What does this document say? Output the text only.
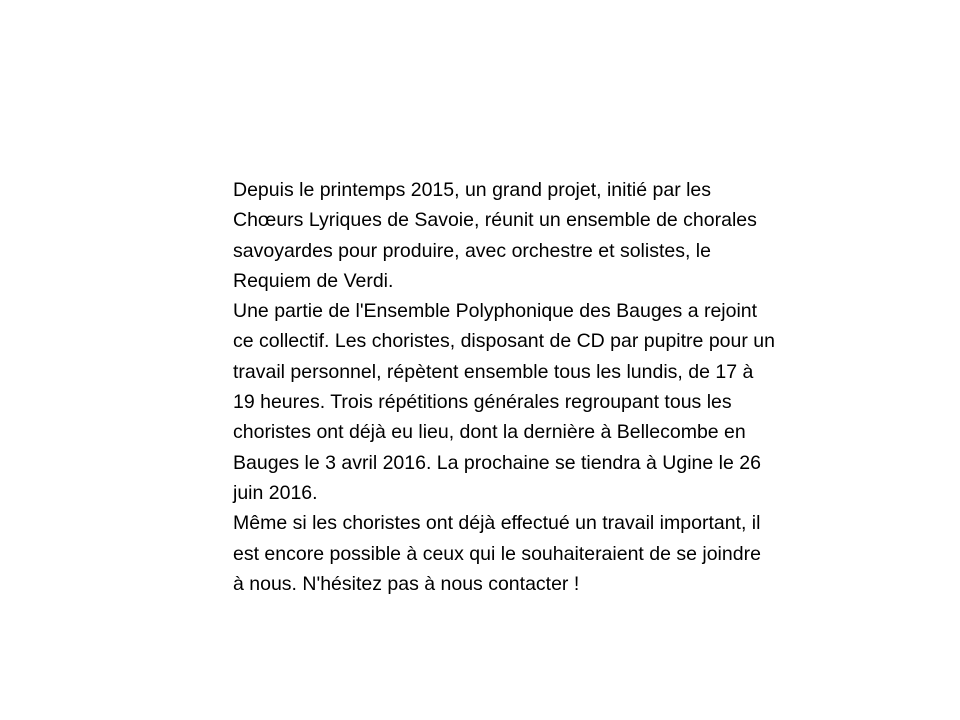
Depuis le printemps 2015, un grand projet, initié par les
Chœurs Lyriques de Savoie, réunit un ensemble de chorales
savoyardes pour produire, avec orchestre et solistes, le
Requiem de Verdi.
Une partie de l'Ensemble Polyphonique des Bauges a rejoint
ce collectif. Les choristes, disposant de CD par pupitre pour un
travail personnel, répètent ensemble tous les lundis, de 17 à
19 heures. Trois répétitions générales regroupant tous les
choristes ont déjà eu lieu, dont la dernière à Bellecombe en
Bauges le 3 avril 2016. La prochaine se tiendra à Ugine le 26
juin 2016.
Même si les choristes ont déjà effectué un travail important, il
est encore possible à ceux qui le souhaiteraient de se joindre
à nous. N'hésitez pas à nous contacter !
